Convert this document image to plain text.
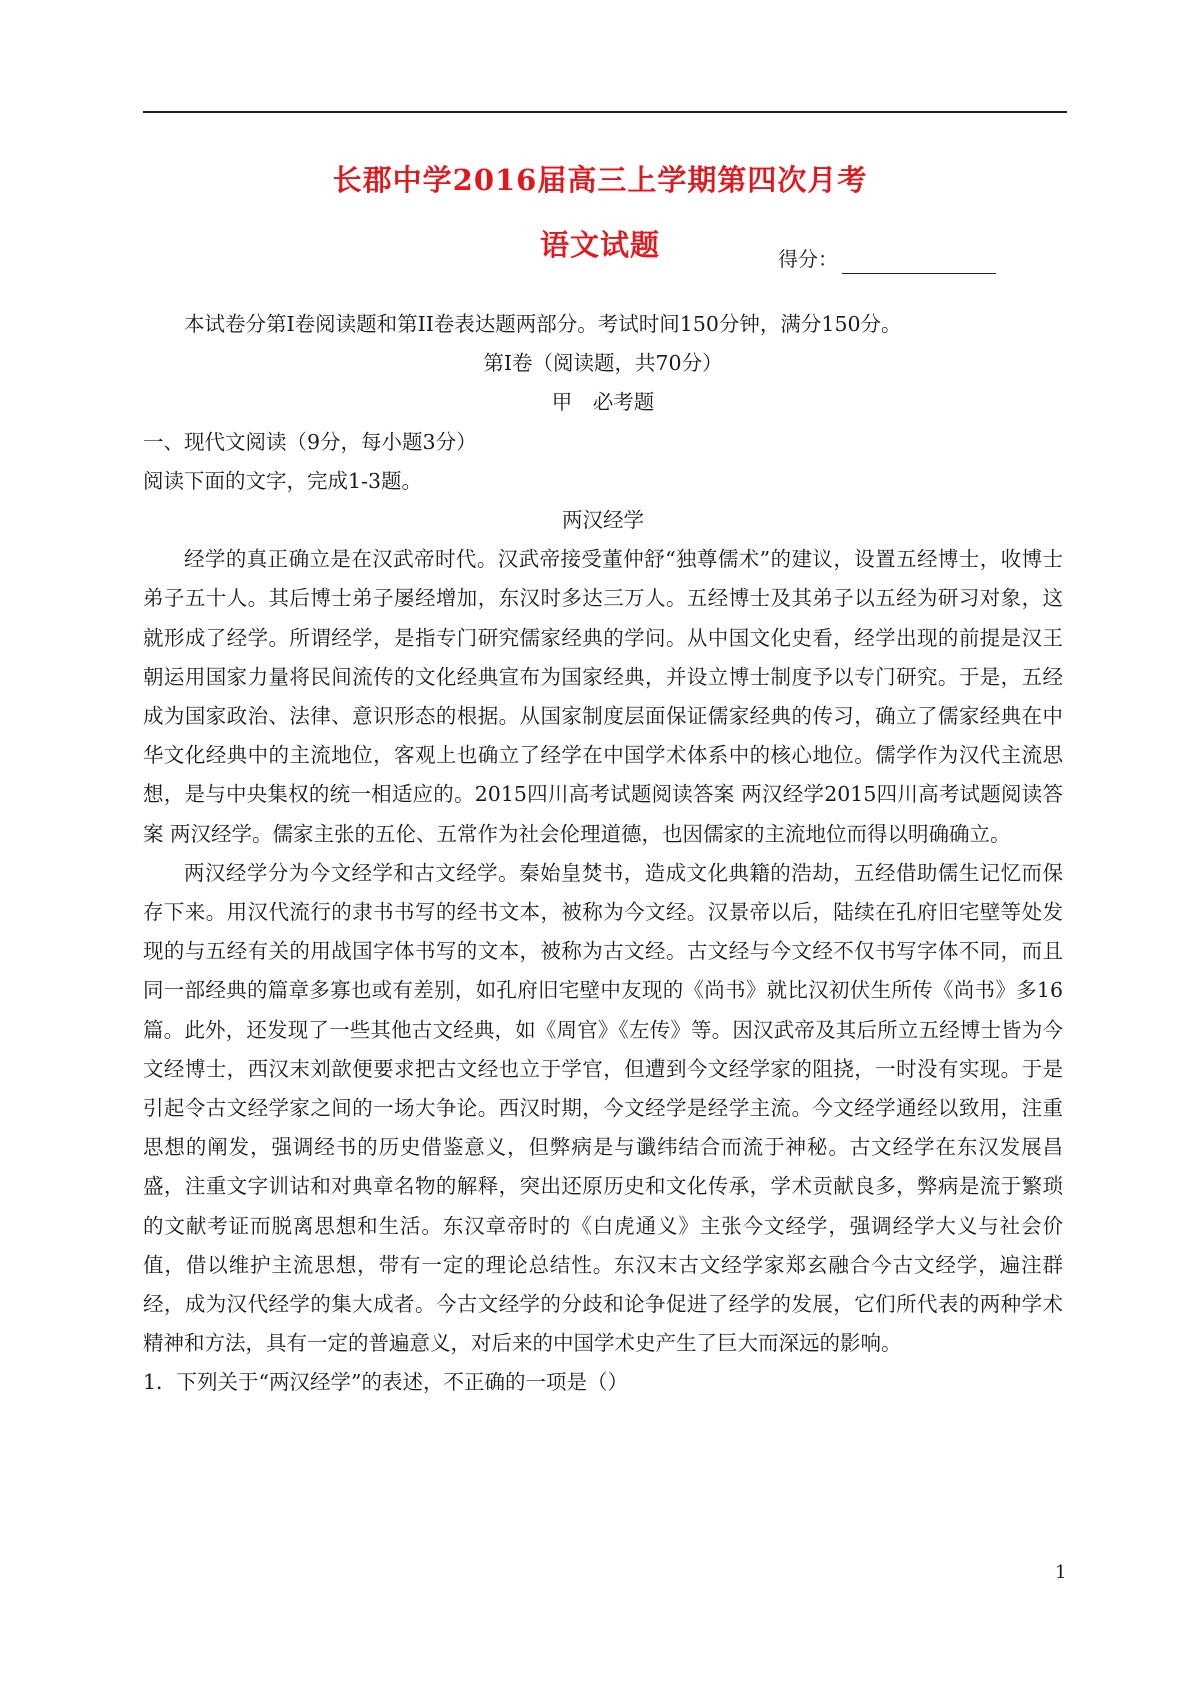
长郡中学2016届高三上学期第四次月考
语文试题	得分：

本试卷分第I卷阅读题和第II卷表达题两部分。考试时间150分钟，满分150分。

第I卷（阅读题，共70分）

甲　必考题

一、现代文阅读（9分，每小题3分）

阅读下面的文字，完成1-3题。

两汉经学

经学的真正确立是在汉武帝时代。汉武帝接受董仲舒“独尊儒术”的建议，设置五经博士，收博士弟子五十人。其后博士弟子屡经增加，东汉时多达三万人。五经博士及其弟子以五经为研习对象，这就形成了经学。所谓经学，是指专门研究儒家经典的学问。从中国文化史看，经学出现的前提是汉王朝运用国家力量将民间流传的文化经典宣布为国家经典，并设立博士制度予以专门研究。于是，五经成为国家政治、法律、意识形态的根据。从国家制度层面保证儒家经典的传习，确立了儒家经典在中华文化经典中的主流地位，客观上也确立了经学在中国学术体系中的核心地位。儒学作为汉代主流思想，是与中央集权的统一相适应的。2015四川高考试题阅读答案 两汉经学2015四川高考试题阅读答案 两汉经学。儒家主张的五伦、五常作为社会伦理道德，也因儒家的主流地位而得以明确确立。

两汉经学分为今文经学和古文经学。秦始皇焚书，造成文化典籍的浩劫，五经借助儒生记忆而保存下来。用汉代流行的隶书书写的经书文本，被称为今文经。汉景帝以后，陆续在孔府旧宅壁等处发现的与五经有关的用战国字体书写的文本，被称为古文经。古文经与今文经不仅书写字体不同，而且同一部经典的篇章多寡也或有差别，如孔府旧宅壁中友现的《尚书》就比汉初伏生所传《尚书》多16篇。此外，还发现了一些其他古文经典，如《周官》《左传》等。因汉武帝及其后所立五经博士皆为今文经博士，西汉末刘歆便要求把古文经也立于学官，但遭到今文经学家的阻挠，一时没有实现。于是引起令古文经学家之间的一场大争论。西汉时期，今文经学是经学主流。今文经学通经以致用，注重思想的阐发，强调经书的历史借鉴意义，但弊病是与谶纬结合而流于神秘。古文经学在东汉发展昌盛，注重文字训诂和对典章名物的解释，突出还原历史和文化传承，学术贡献良多，弊病是流于繁琐的文献考证而脱离思想和生活。东汉章帝时的《白虎通义》主张今文经学，强调经学大义与社会价值，借以维护主流思想，带有一定的理论总结性。东汉末古文经学家郑玄融合今古文经学，遍注群经，成为汉代经学的集大成者。今古文经学的分歧和论争促进了经学的发展，它们所代表的两种学术精神和方法，具有一定的普遍意义，对后来的中国学术史产生了巨大而深远的影响。

1．下列关于“两汉经学”的表述，不正确的一项是（）

1
